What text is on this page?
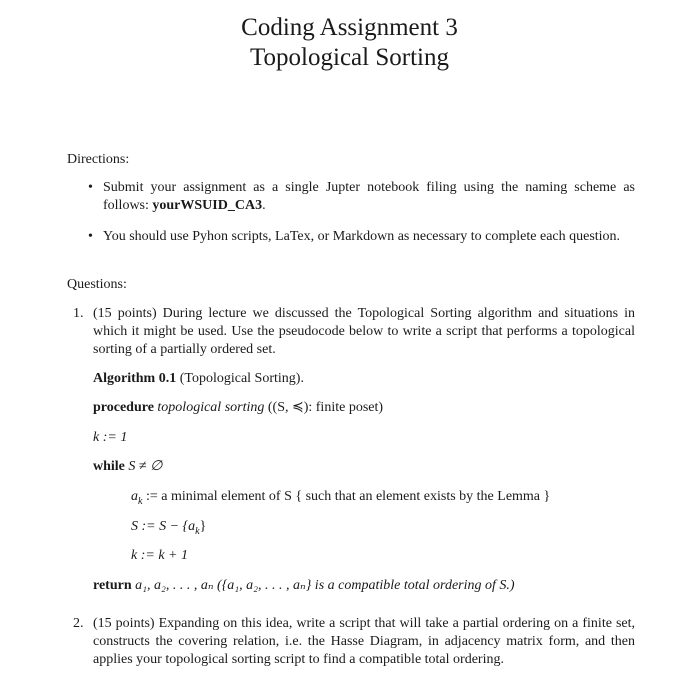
Coding Assignment 3
Topological Sorting
Directions:
• Submit your assignment as a single Jupter notebook filing using the naming scheme as follows: yourWSUID_CA3.
• You should use Pyhon scripts, LaTex, or Markdown as necessary to complete each question.
Questions:
1. (15 points) During lecture we discussed the Topological Sorting algorithm and situations in which it might be used. Use the pseudocode below to write a script that performs a topological sorting of a partially ordered set.
Algorithm 0.1 (Topological Sorting).
procedure topological sorting ((S, ≼): finite poset)
k := 1
while S ≠ ∅
$a_k$ := a minimal element of S { such that an element exists by the Lemma }
S := $S - \{a_k\}$
k := k + 1
return a₁, a₂, . . . , aₙ ({a₁, a₂, . . . , aₙ} is a compatible total ordering of S.)
2. (15 points) Expanding on this idea, write a script that will take a partial ordering on a finite set, constructs the covering relation, i.e. the Hasse Diagram, in adjacency matrix form, and then applies your topological sorting script to find a compatible total ordering.
